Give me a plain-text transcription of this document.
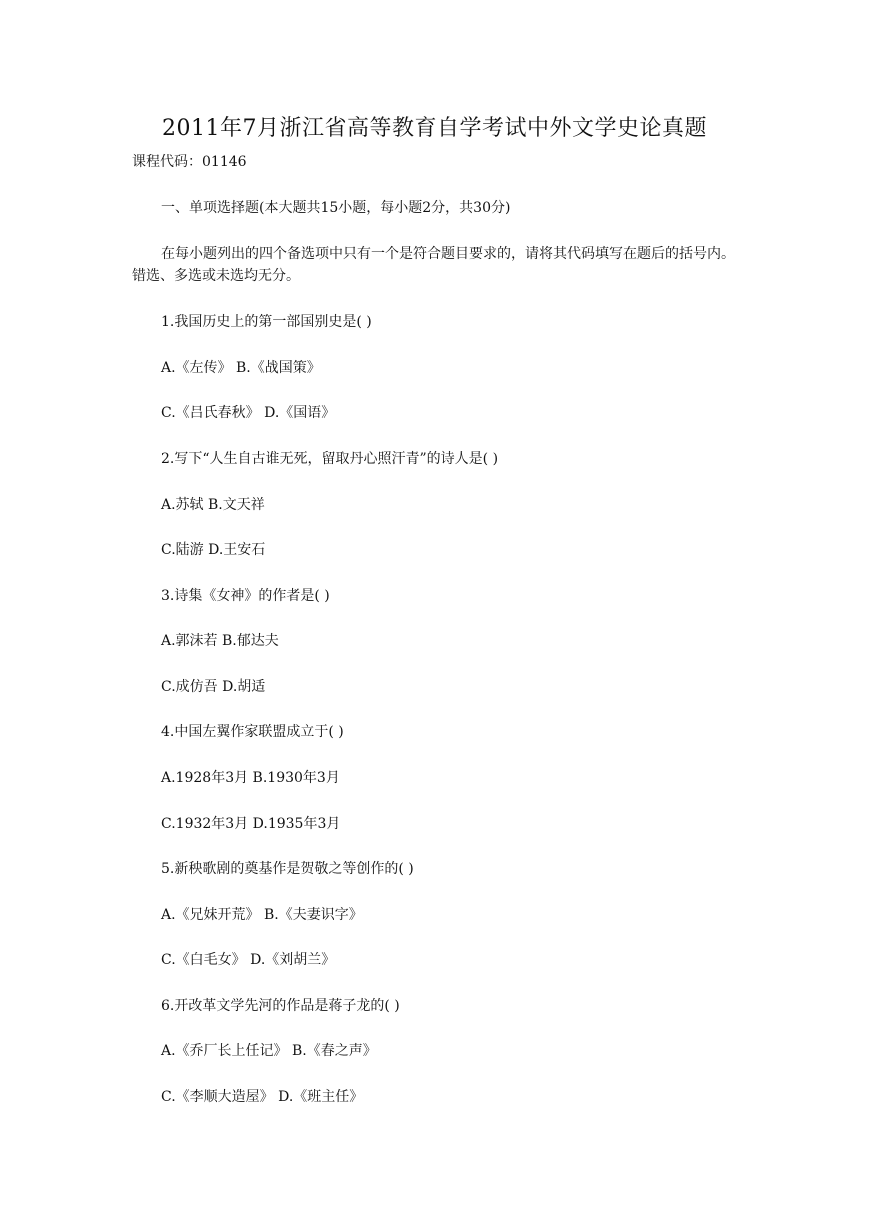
2011年7月浙江省高等教育自学考试中外文学史论真题
课程代码：01146
一、单项选择题(本大题共15小题，每小题2分，共30分)
在每小题列出的四个备选项中只有一个是符合题目要求的，请将其代码填写在题后的括号内。错选、多选或未选均无分。
1.我国历史上的第一部国别史是( )
A.《左传》 B.《战国策》
C.《吕氏春秋》 D.《国语》
2.写下“人生自古谁无死，留取丹心照汗青”的诗人是( )
A.苏轼 B.文天祥
C.陆游 D.王安石
3.诗集《女神》的作者是( )
A.郭沫若 B.郁达夫
C.成仿吾 D.胡适
4.中国左翼作家联盟成立于( )
A.1928年3月 B.1930年3月
C.1932年3月 D.1935年3月
5.新秧歌剧的奠基作是贺敬之等创作的( )
A.《兄妹开荒》 B.《夫妻识字》
C.《白毛女》 D.《刘胡兰》
6.开改革文学先河的作品是蒋子龙的( )
A.《乔厂长上任记》 B.《春之声》
C.《李顺大造屋》 D.《班主任》
